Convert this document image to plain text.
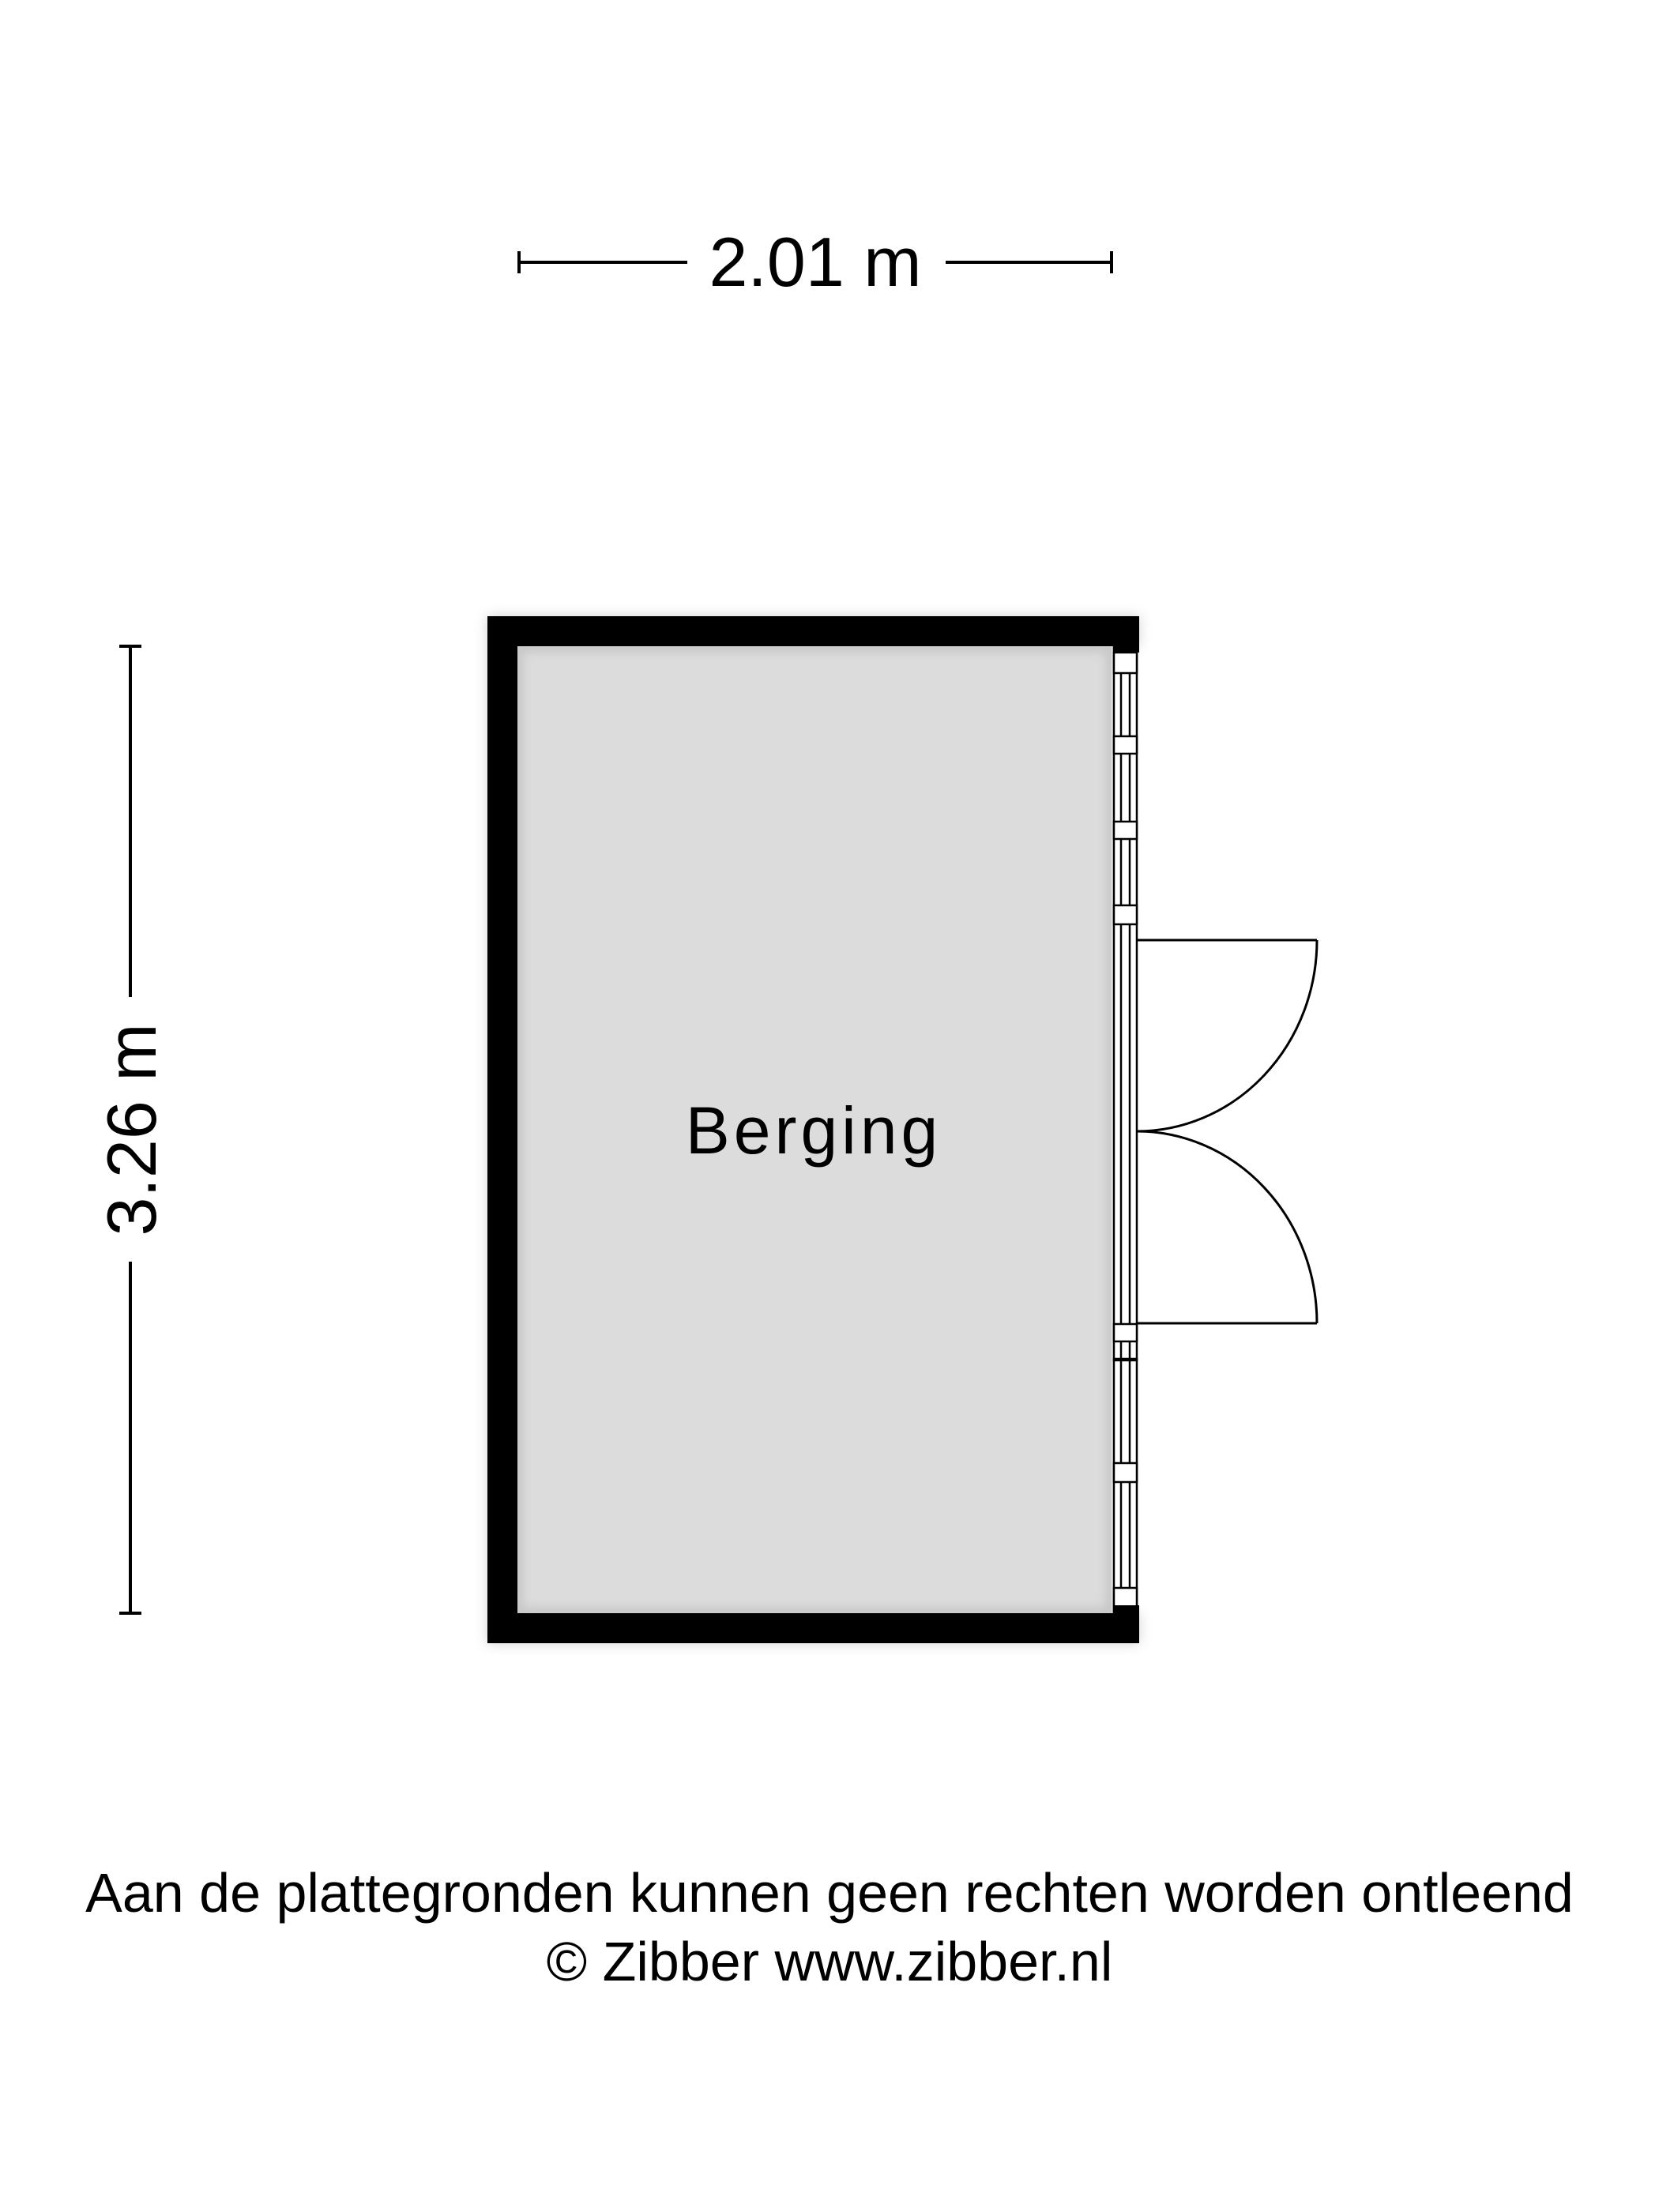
2.01 m
3.26 m	Berging
Aan de plattegronden kunnen geen rechten worden ontleend
© Zibber www.zibber.nl
